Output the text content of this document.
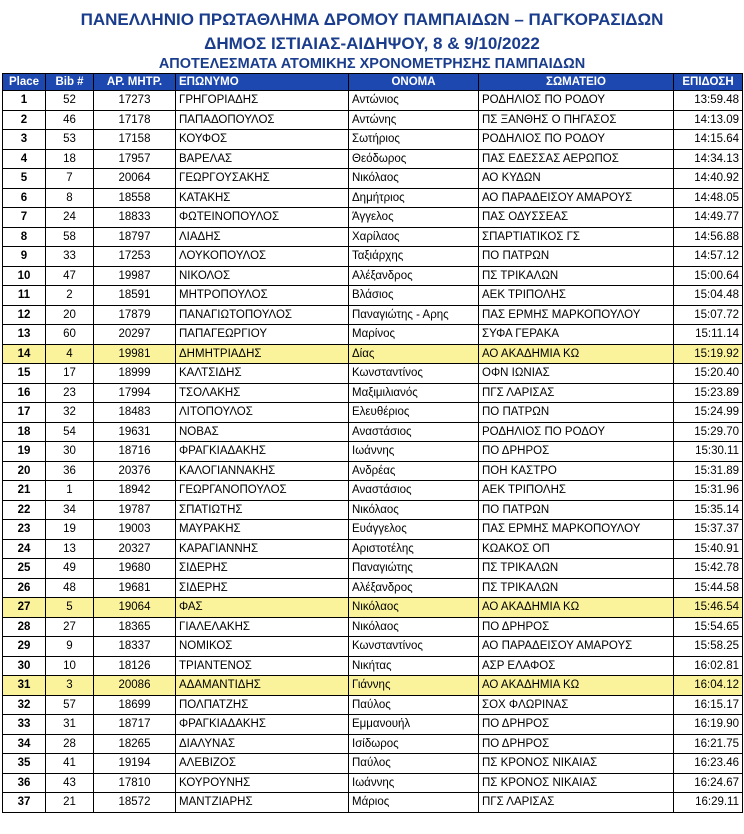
ΠΑΝΕΛΛΗΝΙΟ ΠΡΩΤΑΘΛΗΜΑ ΔΡΟΜΟΥ ΠΑΜΠΑΙΔΩΝ – ΠΑΓΚΟΡΑΣΙΔΩΝ
ΔΗΜΟΣ ΙΣΤΙΑΙΑΣ-ΑΙΔΗΨΟΥ, 8 & 9/10/2022
ΑΠΟΤΕΛΕΣΜΑΤΑ ΑΤΟΜΙΚΗΣ ΧΡΟΝΟΜΕΤΡΗΣΗΣ ΠΑΜΠΑΙΔΩΝ
Place	Bib #	ΑΡ. ΜΗΤΡ.	ΕΠΩΝΥΜΟ	ΟΝΟΜΑ	ΣΩΜΑΤΕΙΟ	ΕΠΙΔΟΣΗ
1	52	17273	ΓΡΗΓΟΡΙΑΔΗΣ	Αντώνιος	ΡΟΔΗΛΙΟΣ ΠΟ ΡΟΔΟΥ	13:59.48
2	46	17178	ΠΑΠΑΔΟΠΟΥΛΟΣ	Αντώνης	ΠΣ ΞΑΝΘΗΣ Ο ΠΗΓΑΣΟΣ	14:13.09
3	53	17158	ΚΟΥΦΟΣ	Σωτήριος	ΡΟΔΗΛΙΟΣ ΠΟ ΡΟΔΟΥ	14:15.64
4	18	17957	ΒΑΡΕΛΑΣ	Θεόδωρος	ΠΑΣ ΕΔΕΣΣΑΣ ΑΕΡΩΠΟΣ	14:34.13
5	7	20064	ΓΕΩΡΓΟΥΣΑΚΗΣ	Νικόλαος	ΑΟ ΚΥΔΩΝ	14:40.92
6	8	18558	ΚΑΤΑΚΗΣ	Δημήτριος	ΑΟ ΠΑΡΑΔΕΙΣΟΥ ΑΜΑΡΟΥΣ	14:48.05
7	24	18833	ΦΩΤΕΙΝΟΠΟΥΛΟΣ	Άγγελος	ΠΑΣ ΟΔΥΣΣΕΑΣ	14:49.77
8	58	18797	ΛΙΑΔΗΣ	Χαρίλαος	ΣΠΑΡΤΙΑΤΙΚΟΣ ΓΣ	14:56.88
9	33	17253	ΛΟΥΚΟΠΟΥΛΟΣ	Ταξιάρχης	ΠΟ ΠΑΤΡΩΝ	14:57.12
10	47	19987	ΝΙΚΟΛΟΣ	Αλέξανδρος	ΠΣ ΤΡΙΚΑΛΩΝ	15:00.64
11	2	18591	ΜΗΤΡΟΠΟΥΛΟΣ	Βλάσιος	ΑΕΚ ΤΡΙΠΟΛΗΣ	15:04.48
12	20	17879	ΠΑΝΑΓΙΩΤΟΠΟΥΛΟΣ	Παναγιώτης - Αρης	ΠΑΣ ΕΡΜΗΣ ΜΑΡΚΟΠΟΥΛΟΥ	15:07.72
13	60	20297	ΠΑΠΑΓΕΩΡΓΙΟΥ	Μαρίνος	ΣΥΦΑ ΓΕΡΑΚΑ	15:11.14
14	4	19981	ΔΗΜΗΤΡΙΑΔΗΣ	Δίας	ΑΟ ΑΚΑΔΗΜΙΑ ΚΩ	15:19.92
15	17	18999	ΚΑΛΤΣΙΔΗΣ	Κωνσταντίνος	ΟΦΝ ΙΩΝΙΑΣ	15:20.40
16	23	17994	ΤΣΟΛΑΚΗΣ	Μαξιμιλιανός	ΠΓΣ ΛΑΡΙΣΑΣ	15:23.89
17	32	18483	ΛΙΤΟΠΟΥΛΟΣ	Ελευθέριος	ΠΟ ΠΑΤΡΩΝ	15:24.99
18	54	19631	ΝΟΒΑΣ	Αναστάσιος	ΡΟΔΗΛΙΟΣ ΠΟ ΡΟΔΟΥ	15:29.70
19	30	18716	ΦΡΑΓΚΙΑΔΑΚΗΣ	Ιωάννης	ΠΟ ΔΡΗΡΟΣ	15:30.11
20	36	20376	ΚΑΛΟΓΙΑΝΝΑΚΗΣ	Ανδρέας	ΠΟΗ ΚΑΣΤΡΟ	15:31.89
21	1	18942	ΓΕΩΡΓΑΝΟΠΟΥΛΟΣ	Αναστάσιος	ΑΕΚ ΤΡΙΠΟΛΗΣ	15:31.96
22	34	19787	ΣΠΑΤΙΩΤΗΣ	Νικόλαος	ΠΟ ΠΑΤΡΩΝ	15:35.14
23	19	19003	ΜΑΥΡΑΚΗΣ	Ευάγγελος	ΠΑΣ ΕΡΜΗΣ ΜΑΡΚΟΠΟΥΛΟΥ	15:37.37
24	13	20327	ΚΑΡΑΓΙΑΝΝΗΣ	Αριστοτέλης	ΚΩΑΚΟΣ ΟΠ	15:40.91
25	49	19680	ΣΙΔΕΡΗΣ	Παναγιώτης	ΠΣ ΤΡΙΚΑΛΩΝ	15:42.78
26	48	19681	ΣΙΔΕΡΗΣ	Αλέξανδρος	ΠΣ ΤΡΙΚΑΛΩΝ	15:44.58
27	5	19064	ΦΑΣ	Νικόλαος	ΑΟ ΑΚΑΔΗΜΙΑ ΚΩ	15:46.54
28	27	18365	ΓΙΑΛΕΛΑΚΗΣ	Νικόλαος	ΠΟ ΔΡΗΡΟΣ	15:54.65
29	9	18337	ΝΟΜΙΚΟΣ	Κωνσταντίνος	ΑΟ ΠΑΡΑΔΕΙΣΟΥ ΑΜΑΡΟΥΣ	15:58.25
30	10	18126	ΤΡΙΑΝΤΕΝΟΣ	Νικήτας	ΑΣΡ ΕΛΑΦΟΣ	16:02.81
31	3	20086	ΑΔΑΜΑΝΤΙΔΗΣ	Γιάννης	ΑΟ ΑΚΑΔΗΜΙΑ ΚΩ	16:04.12
32	57	18699	ΠΟΛΠΑΤΖΗΣ	Παύλος	ΣΟΧ ΦΛΩΡΙΝΑΣ	16:15.17
33	31	18717	ΦΡΑΓΚΙΑΔΑΚΗΣ	Εμμανουήλ	ΠΟ ΔΡΗΡΟΣ	16:19.90
34	28	18265	ΔΙΑΛΥΝΑΣ	Ισίδωρος	ΠΟ ΔΡΗΡΟΣ	16:21.75
35	41	19194	ΑΛΕΒΙΖΟΣ	Παύλος	ΠΣ ΚΡΟΝΟΣ ΝΙΚΑΙΑΣ	16:23.46
36	43	17810	ΚΟΥΡΟΥΝΗΣ	Ιωάννης	ΠΣ ΚΡΟΝΟΣ ΝΙΚΑΙΑΣ	16:24.67
37	21	18572	ΜΑΝΤΖΙΑΡΗΣ	Μάριος	ΠΓΣ ΛΑΡΙΣΑΣ	16:29.11
